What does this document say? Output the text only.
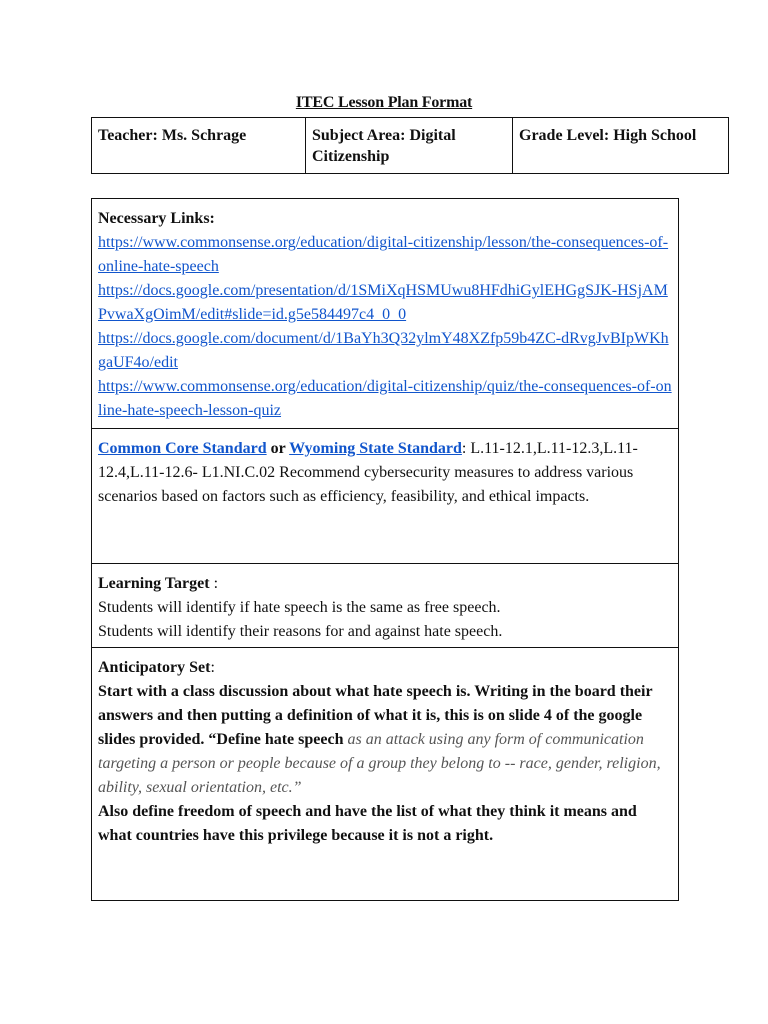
ITEC Lesson Plan Format
Teacher: Ms. Schrage	Subject Area: Digital Citizenship	Grade Level: High School
Necessary Links:
https://www.commonsense.org/education/digital-citizenship/lesson/the-consequences-of-online-hate-speech
https://docs.google.com/presentation/d/1SMiXqHSMUwu8HFdhiGylEHGgSJK-HSjAMPvwaXgOimM/edit#slide=id.g5e584497c4_0_0
https://docs.google.com/document/d/1BaYh3Q32ylmY48XZfp59b4ZC-dRvgJvBIpWKhgaUF4o/edit
https://www.commonsense.org/education/digital-citizenship/quiz/the-consequences-of-online-hate-speech-lesson-quiz
Common Core Standard or Wyoming State Standard: L.11-12.1,L.11-12.3,L.11-12.4,L.11-12.6- L1.NI.C.02 Recommend cybersecurity measures to address various scenarios based on factors such as efficiency, feasibility, and ethical impacts.
Learning Target :
Students will identify if hate speech is the same as free speech.
Students will identify their reasons for and against hate speech.
Anticipatory Set:
Start with a class discussion about what hate speech is. Writing in the board their answers and then putting a definition of what it is, this is on slide 4 of the google slides provided. “Define hate speech as an attack using any form of communication targeting a person or people because of a group they belong to -- race, gender, religion, ability, sexual orientation, etc.”
Also define freedom of speech and have the list of what they think it means and what countries have this privilege because it is not a right.
